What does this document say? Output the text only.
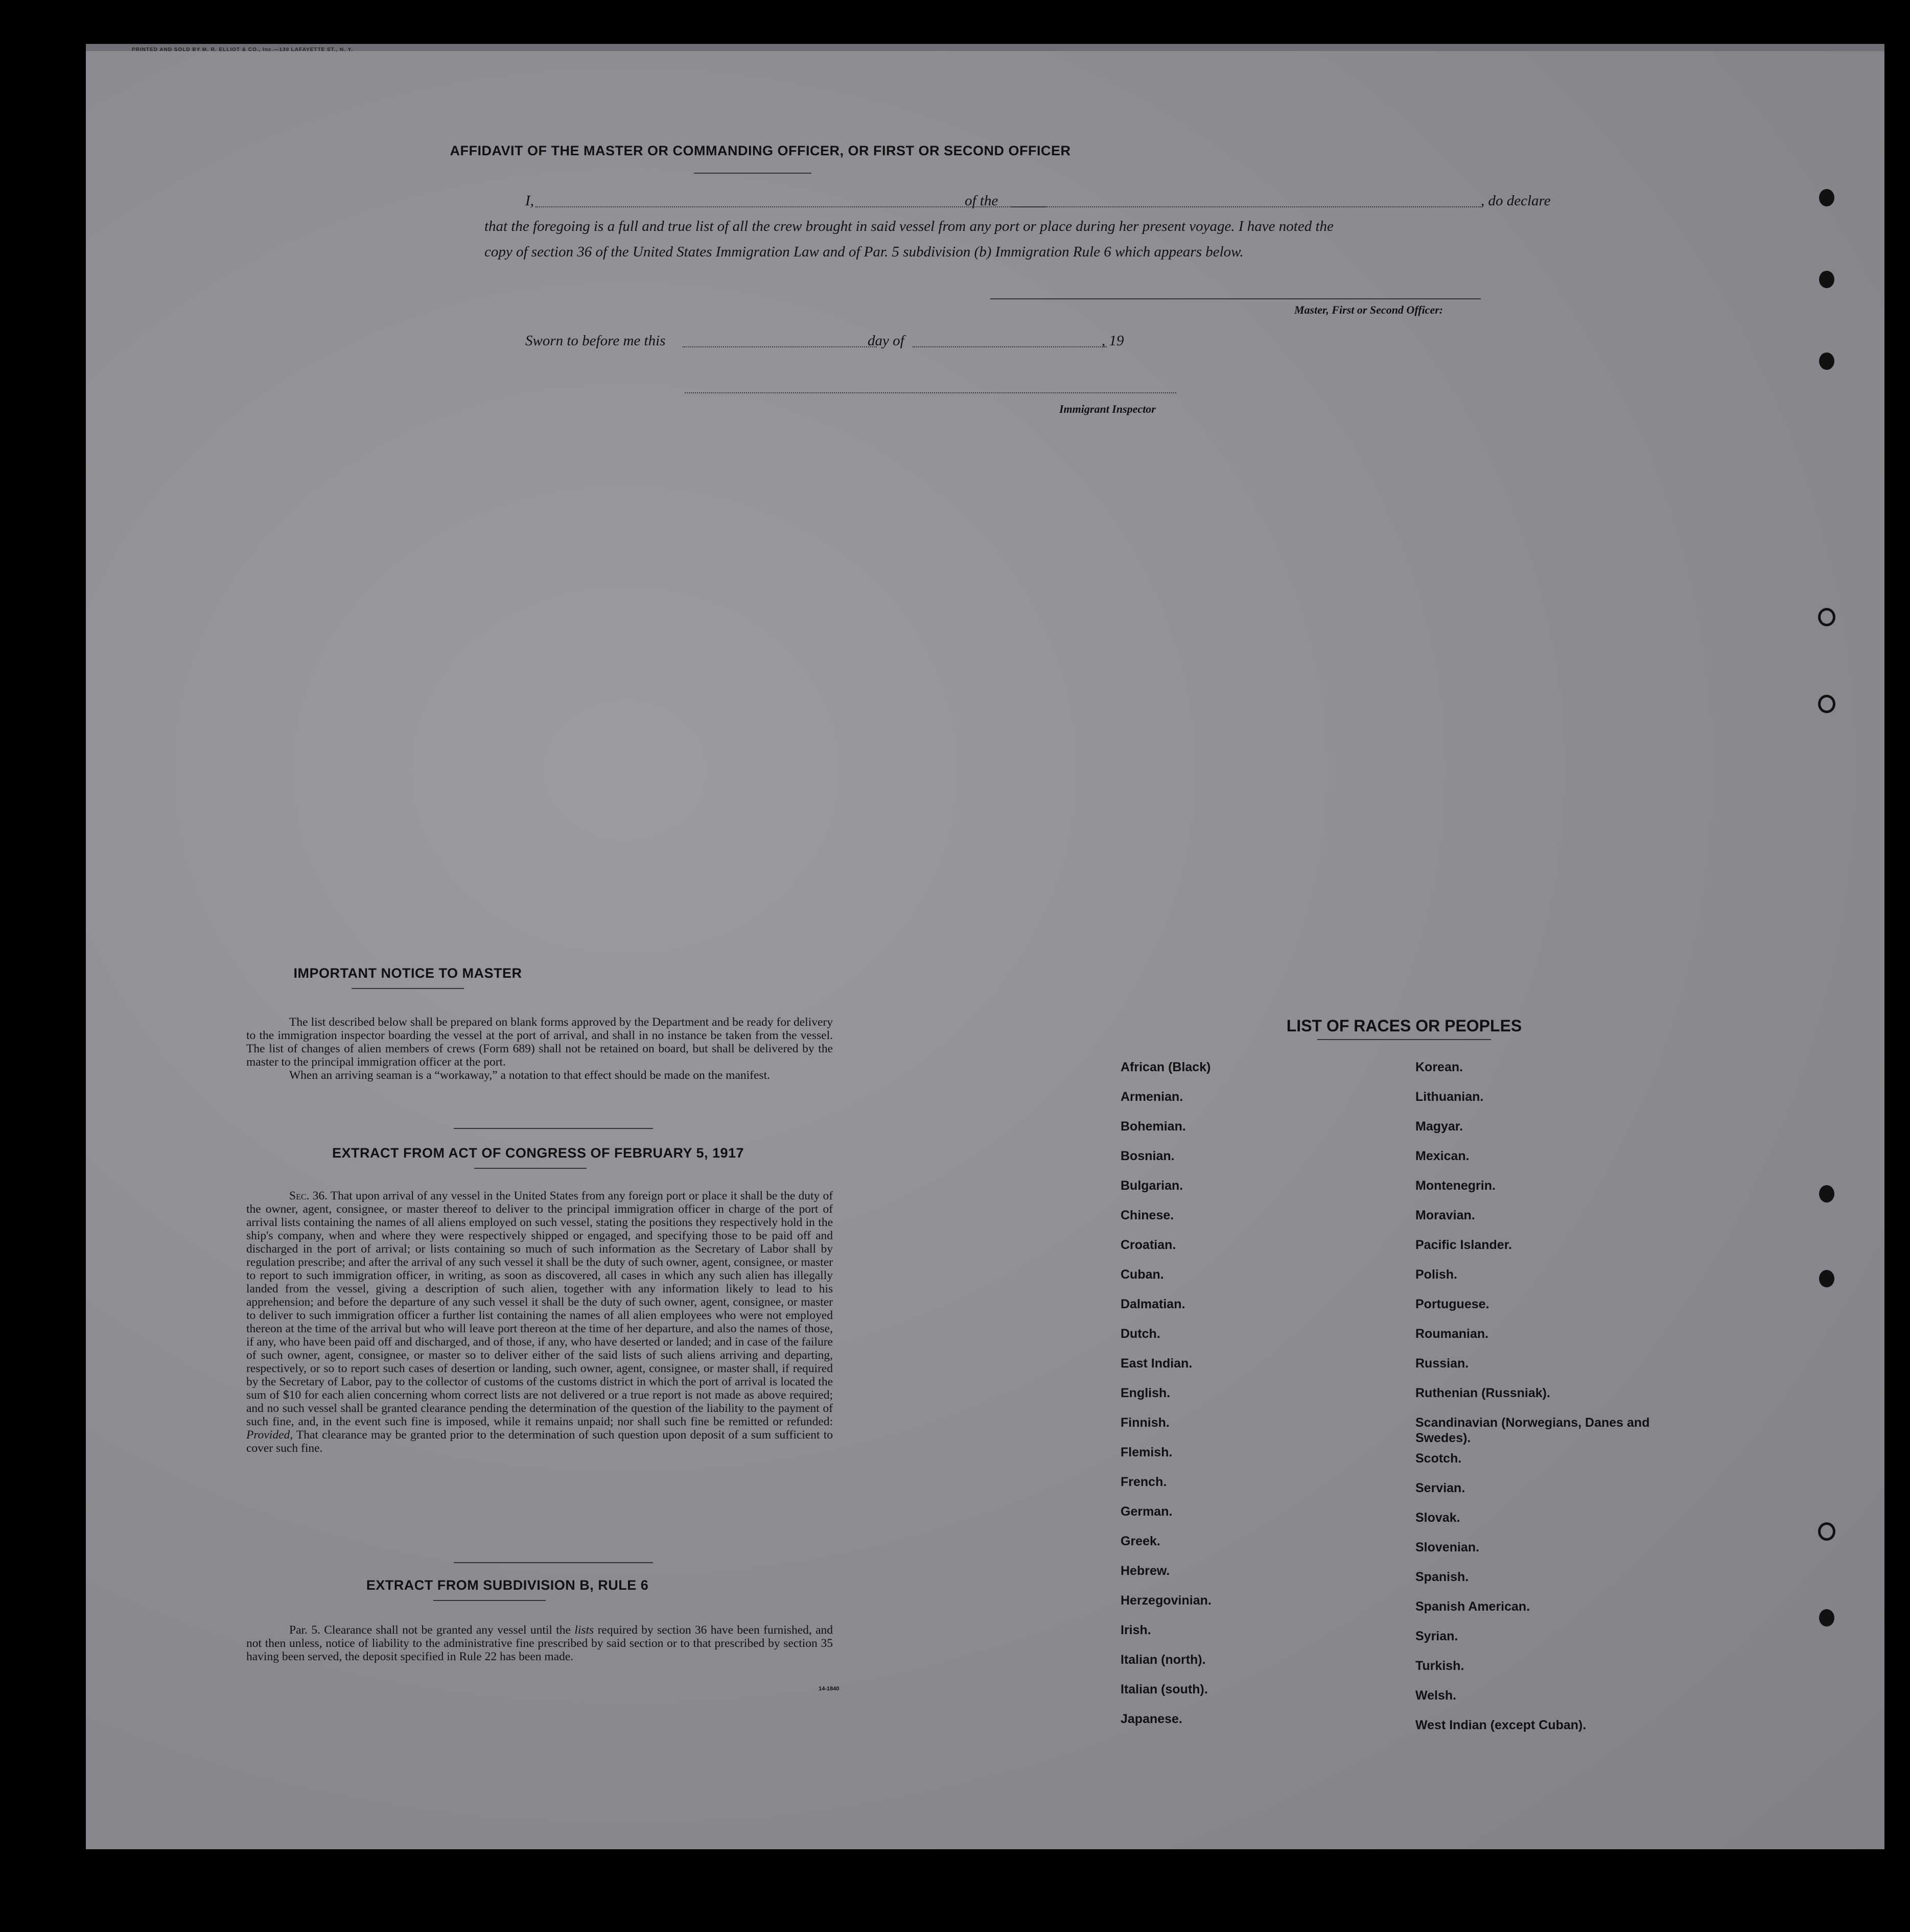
PRINTED AND SOLD BY M. R. ELLIOT & CO., Inc.—130 LAFAYETTE ST., N. Y.
AFFIDAVIT OF THE MASTER OR COMMANDING OFFICER, OR FIRST OR SECOND OFFICER
I,	of the	, do declare
that the foregoing is a full and true list of all the crew brought in said vessel from any port or place during her present voyage. I have noted the
copy of section 36 of the United States Immigration Law and of Par. 5 subdivision (b) Immigration Rule 6 which appears below.
Master, First or Second Officer:
Sworn to before me this	day of	, 19
Immigrant Inspector
IMPORTANT NOTICE TO MASTER

The list described below shall be prepared on blank forms approved by the Department and be ready for delivery to the immigration inspector boarding the vessel at the port of arrival, and shall in no instance be taken from the vessel. The list of changes of alien members of crews (Form 689) shall not be retained on board, but shall be delivered by the master to the principal immigration officer at the port.

When an arriving seaman is a “workaway,” a notation to that effect should be made on the manifest.

EXTRACT FROM ACT OF CONGRESS OF FEBRUARY 5, 1917

Sec. 36. That upon arrival of any vessel in the United States from any foreign port or place it shall be the duty of the owner, agent, consignee, or master thereof to deliver to the principal immigration officer in charge of the port of arrival lists containing the names of all aliens employed on such vessel, stating the positions they respectively hold in the ship's company, when and where they were respectively shipped or engaged, and specifying those to be paid off and discharged in the port of arrival; or lists containing so much of such information as the Secretary of Labor shall by regulation prescribe; and after the arrival of any such vessel it shall be the duty of such owner, agent, consignee, or master to report to such immigration officer, in writing, as soon as discovered, all cases in which any such alien has illegally landed from the vessel, giving a description of such alien, together with any information likely to lead to his apprehension; and before the departure of any such vessel it shall be the duty of such owner, agent, consignee, or master to deliver to such immigration officer a further list containing the names of all alien employees who were not employed thereon at the time of the arrival but who will leave port thereon at the time of her departure, and also the names of those, if any, who have been paid off and discharged, and of those, if any, who have deserted or landed; and in case of the failure of such owner, agent, consignee, or master so to deliver either of the said lists of such aliens arriving and departing, respectively, or so to report such cases of desertion or landing, such owner, agent, consignee, or master shall, if required by the Secretary of Labor, pay to the collector of customs of the customs district in which the port of arrival is located the sum of $10 for each alien concerning whom correct lists are not delivered or a true report is not made as above required; and no such vessel shall be granted clearance pending the determination of the question of the liability to the payment of such fine, and, in the event such fine is imposed, while it remains unpaid; nor shall such fine be remitted or refunded: Provided, That clearance may be granted prior to the determination of such question upon deposit of a sum sufficient to cover such fine.

EXTRACT FROM SUBDIVISION B, RULE 6

Par. 5. Clearance shall not be granted any vessel until the lists required by section 36 have been furnished, and not then unless, notice of liability to the administrative fine prescribed by said section or to that prescribed by section 35 having been served, the deposit specified in Rule 22 has been made.

14-1840
LIST OF RACES OR PEOPLES
African (Black)
Armenian.
Bohemian.
Bosnian.
Bulgarian.
Chinese.
Croatian.
Cuban.
Dalmatian.
Dutch.
East Indian.
English.
Finnish.
Flemish.
French.
German.
Greek.
Hebrew.
Herzegovinian.
Irish.
Italian (north).
Italian (south).
Japanese.
Korean.
Lithuanian.
Magyar.
Mexican.
Montenegrin.
Moravian.
Pacific Islander.
Polish.
Portuguese.
Roumanian.
Russian.
Ruthenian (Russniak).
Scandinavian (Norwegians, Danes and Swedes).
Scotch.
Servian.
Slovak.
Slovenian.
Spanish.
Spanish American.
Syrian.
Turkish.
Welsh.
West Indian (except Cuban).
